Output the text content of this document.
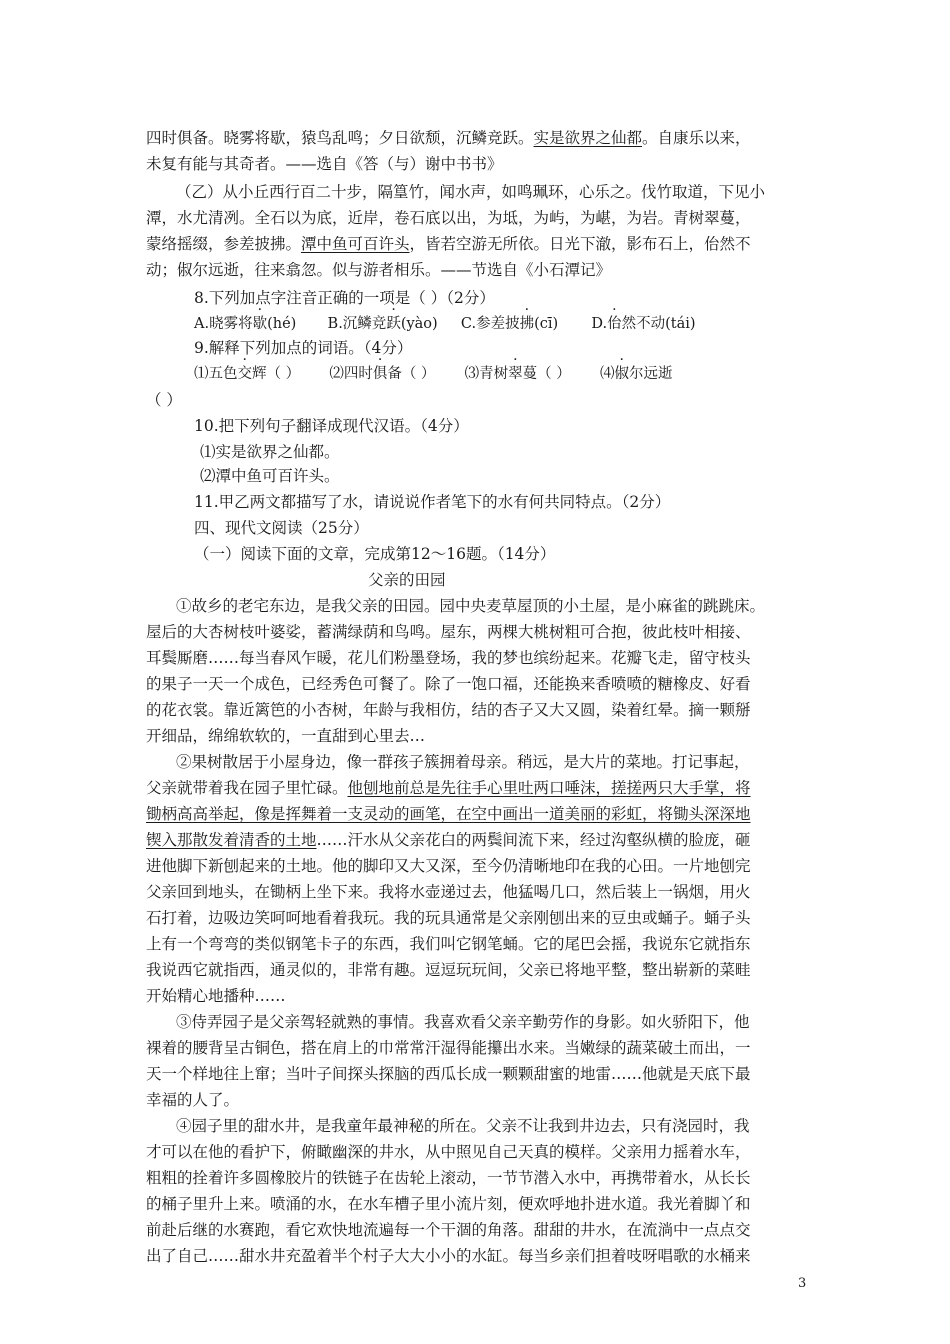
四时俱备。晓雾将歇，猿鸟乱鸣；夕日欲颓，沉鳞竞跃。实是欲界之仙都。自康乐以来，
未复有能与其奇者。——选自《答（与）谢中书书》
（乙）从小丘西行百二十步，隔篁竹，闻水声，如鸣珮环，心乐之。伐竹取道，下见小
潭，水尤清冽。全石以为底，近岸，卷石底以出，为坻，为屿，为嵁，为岩。青树翠蔓，
蒙络摇缀，参差披拂。潭中鱼可百许头，皆若空游无所依。日光下澈，影布石上，佁然不
动；俶尔远逝，往来翕忽。似与游者相乐。——节选自《小石潭记》
8.下列加点字注音正确的一项是（ ）（2分）
A.晓雾将歇(hé) B.沉鳞竞跃(yào) C.参差披拂(cī) D.佁然不动(tái)
9.解释下列加点的词语。（4分）
⑴五色交辉（ ） ⑵四时俱备（ ） ⑶青树翠蔓（ ） ⑷俶尔远逝
（ ）
10.把下列句子翻译成现代汉语。（4分）
⑴实是欲界之仙都。
⑵潭中鱼可百许头。
11.甲乙两文都描写了水，请说说作者笔下的水有何共同特点。（2分）
四、现代文阅读（25分）
（一）阅读下面的文章，完成第12～16题。（14分）
父亲的田园
①故乡的老宅东边，是我父亲的田园。园中央麦草屋顶的小土屋，是小麻雀的跳跳床。
屋后的大杏树枝叶婆娑，蓄满绿荫和鸟鸣。屋东，两棵大桃树粗可合抱，彼此枝叶相接、
耳鬓厮磨……每当春风乍暖，花儿们粉墨登场，我的梦也缤纷起来。花瓣飞走，留守枝头
的果子一天一个成色，已经秀色可餐了。除了一饱口福，还能换来香喷喷的糖橡皮、好看
的花衣裳。靠近篱笆的小杏树，年龄与我相仿，结的杏子又大又圆，染着红晕。摘一颗掰
开细品，绵绵软软的，一直甜到心里去…
②果树散居于小屋身边，像一群孩子簇拥着母亲。稍远，是大片的菜地。打记事起，
父亲就带着我在园子里忙碌。他刨地前总是先往手心里吐两口唾沫，搓搓两只大手掌，将
锄柄高高举起，像是挥舞着一支灵动的画笔，在空中画出一道美丽的彩虹，将锄头深深地
锲入那散发着清香的土地……汗水从父亲花白的两鬓间流下来，经过沟壑纵横的脸庞，砸
进他脚下新刨起来的土地。他的脚印又大又深，至今仍清晰地印在我的心田。一片地刨完
父亲回到地头，在锄柄上坐下来。我将水壶递过去，他猛喝几口，然后装上一锅烟，用火
石打着，边吸边笑呵呵地看着我玩。我的玩具通常是父亲刚刨出来的豆虫或蛹子。蛹子头
上有一个弯弯的类似钢笔卡子的东西，我们叫它钢笔蛹。它的尾巴会摇，我说东它就指东
我说西它就指西，通灵似的，非常有趣。逗逗玩玩间，父亲已将地平整，整出崭新的菜畦
开始精心地播种……
③侍弄园子是父亲驾轻就熟的事情。我喜欢看父亲辛勤劳作的身影。如火骄阳下，他
裸着的腰背呈古铜色，搭在肩上的巾常常汗湿得能攥出水来。当嫩绿的蔬菜破土而出，一
天一个样地往上窜；当叶子间探头探脑的西瓜长成一颗颗甜蜜的地雷……他就是天底下最
幸福的人了。
④园子里的甜水井，是我童年最神秘的所在。父亲不让我到井边去，只有浇园时，我
才可以在他的看护下，俯瞰幽深的井水，从中照见自己天真的模样。父亲用力摇着水车，
粗粗的拴着许多圆橡胶片的铁链子在齿轮上滚动，一节节潜入水中，再携带着水，从长长
的桶子里升上来。喷涌的水，在水车槽子里小流片刻，便欢呼地扑进水道。我光着脚丫和
前赴后继的水赛跑，看它欢快地流遍每一个干涸的角落。甜甜的井水，在流淌中一点点交
出了自己……甜水井充盈着半个村子大大小小的水缸。每当乡亲们担着吱呀唱歌的水桶来
3
